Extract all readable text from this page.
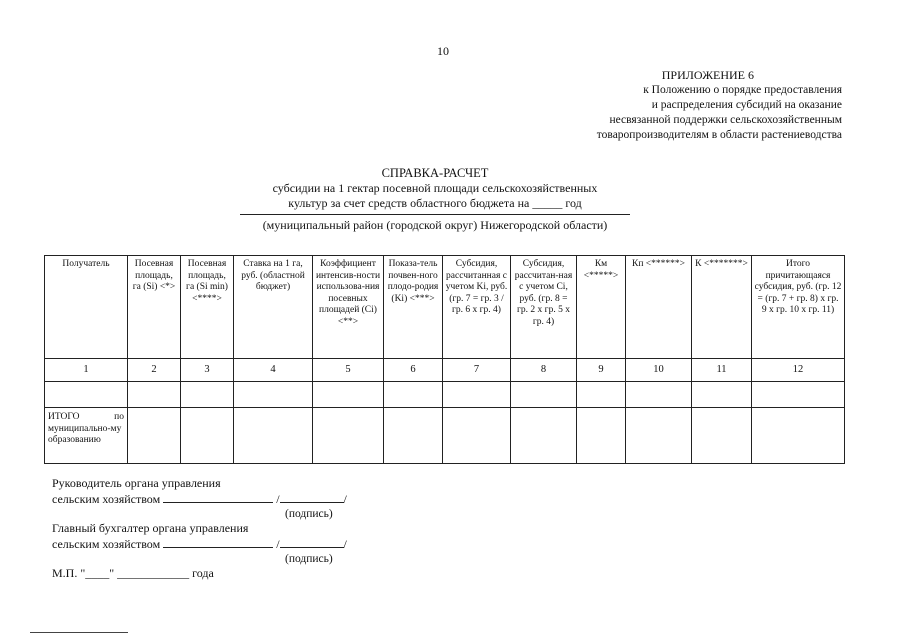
10
ПРИЛОЖЕНИЕ 6
к Положению о порядке предоставления
и распределения субсидий на оказание
несвязанной поддержки сельскохозяйственным
товаропроизводителям в области растениеводства
СПРАВКА-РАСЧЕТ
субсидии на 1 гектар посевной площади сельскохозяйственных
культур за счет средств областного бюджета на _____ год
(муниципальный район (городской округ) Нижегородской области)
Получатель	Посевная площадь, га (Si) <*>	Посевная площадь, га (Si min) <****>	Ставка на 1 га, руб. (областной бюджет)	Коэффициент интенсив-ности использова-ния посевных площадей (Ci) <**>	Показа-тель почвен-ного плодо-родия (Ki) <***>	Субсидия, рассчитанная с учетом Ki, руб. (гр. 7 = гр. 3 / гр. 6 х гр. 4)	Субсидия, рассчитан-ная с учетом Ci, руб. (гр. 8 = гр. 2 х гр. 5 х гр. 4)	Км <*****>	Кп <******>	К <*******>	Итого причитающаяся субсидия, руб. (гр. 12 = (гр. 7 + гр. 8) х гр. 9 х гр. 10 х гр. 11)
1	2	3	4	5	6	7	8	9	10	11	12

ИТОГО по
муниципально-му образованию											
Руководитель органа управления
сельским хозяйством	/	/
(подпись)
Главный бухгалтер органа управления
сельским хозяйством	/	/
(подпись)
М.П. "____" ____________ года
